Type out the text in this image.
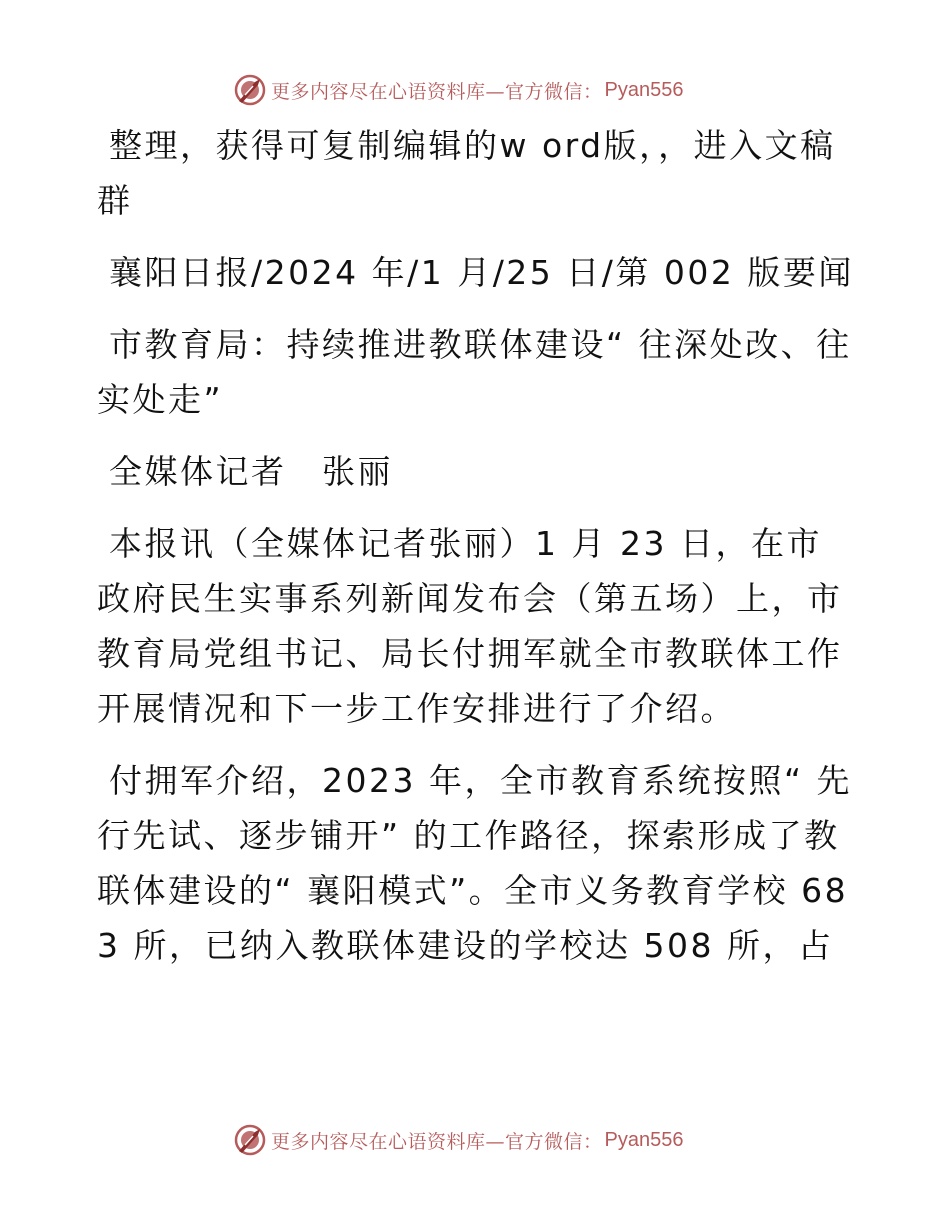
更多内容尽在心语资料库—官方微信： Pyan556

整理，获得可复制编辑的w ord版，，进入文稿群

襄阳日报/2024 年/1 月/25 日/第 002 版要闻

市教育局：持续推进教联体建设“ 往深处改、往实处走”

全媒体记者　张丽

本报讯（全媒体记者张丽）1 月 23 日，在市政府民生实事系列新闻发布会（第五场）上，市教育局党组书记、局长付拥军就全市教联体工作开展情况和下一步工作安排进行了介绍。

付拥军介绍，2023 年，全市教育系统按照“ 先行先试、逐步铺开” 的工作路径，探索形成了教联体建设的“ 襄阳模式”。全市义务教育学校 683 所，已纳入教联体建设的学校达 508 所，占

更多内容尽在心语资料库—官方微信： Pyan556
